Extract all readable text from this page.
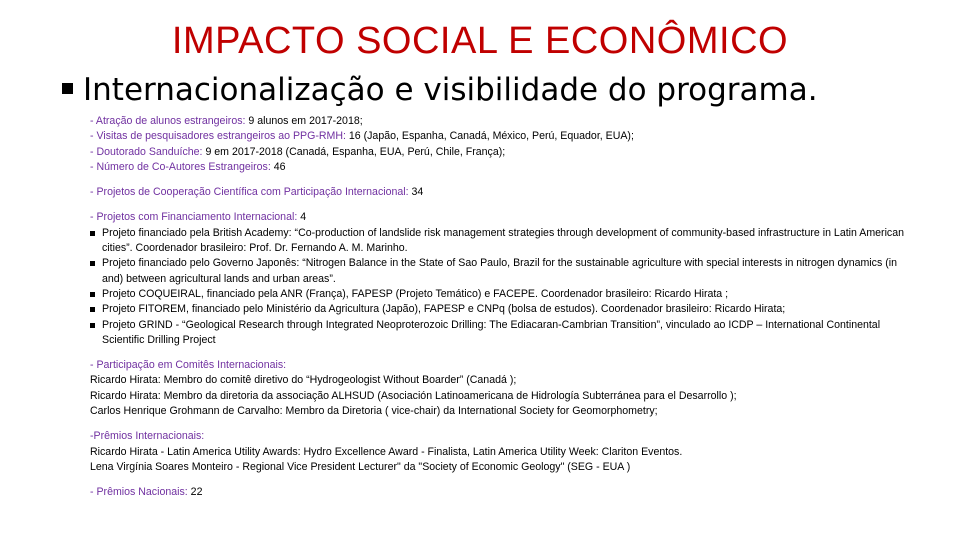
IMPACTO SOCIAL E ECONÔMICO
Internacionalização e visibilidade do programa.
- Atração de alunos estrangeiros: 9 alunos em 2017-2018;
- Visitas de pesquisadores estrangeiros ao PPG-RMH: 16 (Japão, Espanha, Canadá, México, Perú, Equador, EUA);
- Doutorado Sanduíche: 9 em 2017-2018 (Canadá, Espanha, EUA, Perú, Chile, França);
- Número de Co-Autores Estrangeiros: 46
- Projetos de Cooperação Científica com Participação Internacional: 34
- Projetos com Financiamento Internacional: 4
Projeto financiado pela British Academy: “Co-production of landslide risk management strategies through development of community-based infrastructure in Latin American cities”. Coordenador brasileiro: Prof. Dr. Fernando A. M. Marinho.
Projeto financiado pelo Governo Japonês: “Nitrogen Balance in the State of Sao Paulo, Brazil for the sustainable agriculture with special interests in nitrogen dynamics (in and) between agricultural lands and urban areas”.
Projeto COQUEIRAL, financiado pela ANR (França), FAPESP (Projeto Temático) e FACEPE. Coordenador brasileiro: Ricardo Hirata ;
Projeto FITOREM, financiado pelo Ministério da Agricultura (Japão), FAPESP e CNPq (bolsa de estudos). Coordenador brasileiro: Ricardo Hirata;
Projeto GRIND - “Geological Research through Integrated Neoproterozoic Drilling: The Ediacaran-Cambrian Transition”, vinculado ao ICDP – International Continental Scientific Drilling Project
- Participação em Comitês Internacionais:
Ricardo Hirata: Membro do comitê diretivo do “Hydrogeologist Without Boarder” (Canadá );
Ricardo Hirata: Membro da diretoria da associação ALHSUD (Asociación Latinoamericana de Hidrología Subterránea para el Desarrollo );
Carlos Henrique Grohmann de Carvalho: Membro da Diretoria ( vice-chair) da International Society for Geomorphometry;
-Prêmios Internacionais:
Ricardo Hirata - Latin America Utility Awards: Hydro Excellence Award - Finalista, Latin America Utility Week: Clariton Eventos.
Lena Virgínia Soares Monteiro - Regional Vice President Lecturer" da "Society of Economic Geology" (SEG - EUA )
- Prêmios Nacionais: 22
